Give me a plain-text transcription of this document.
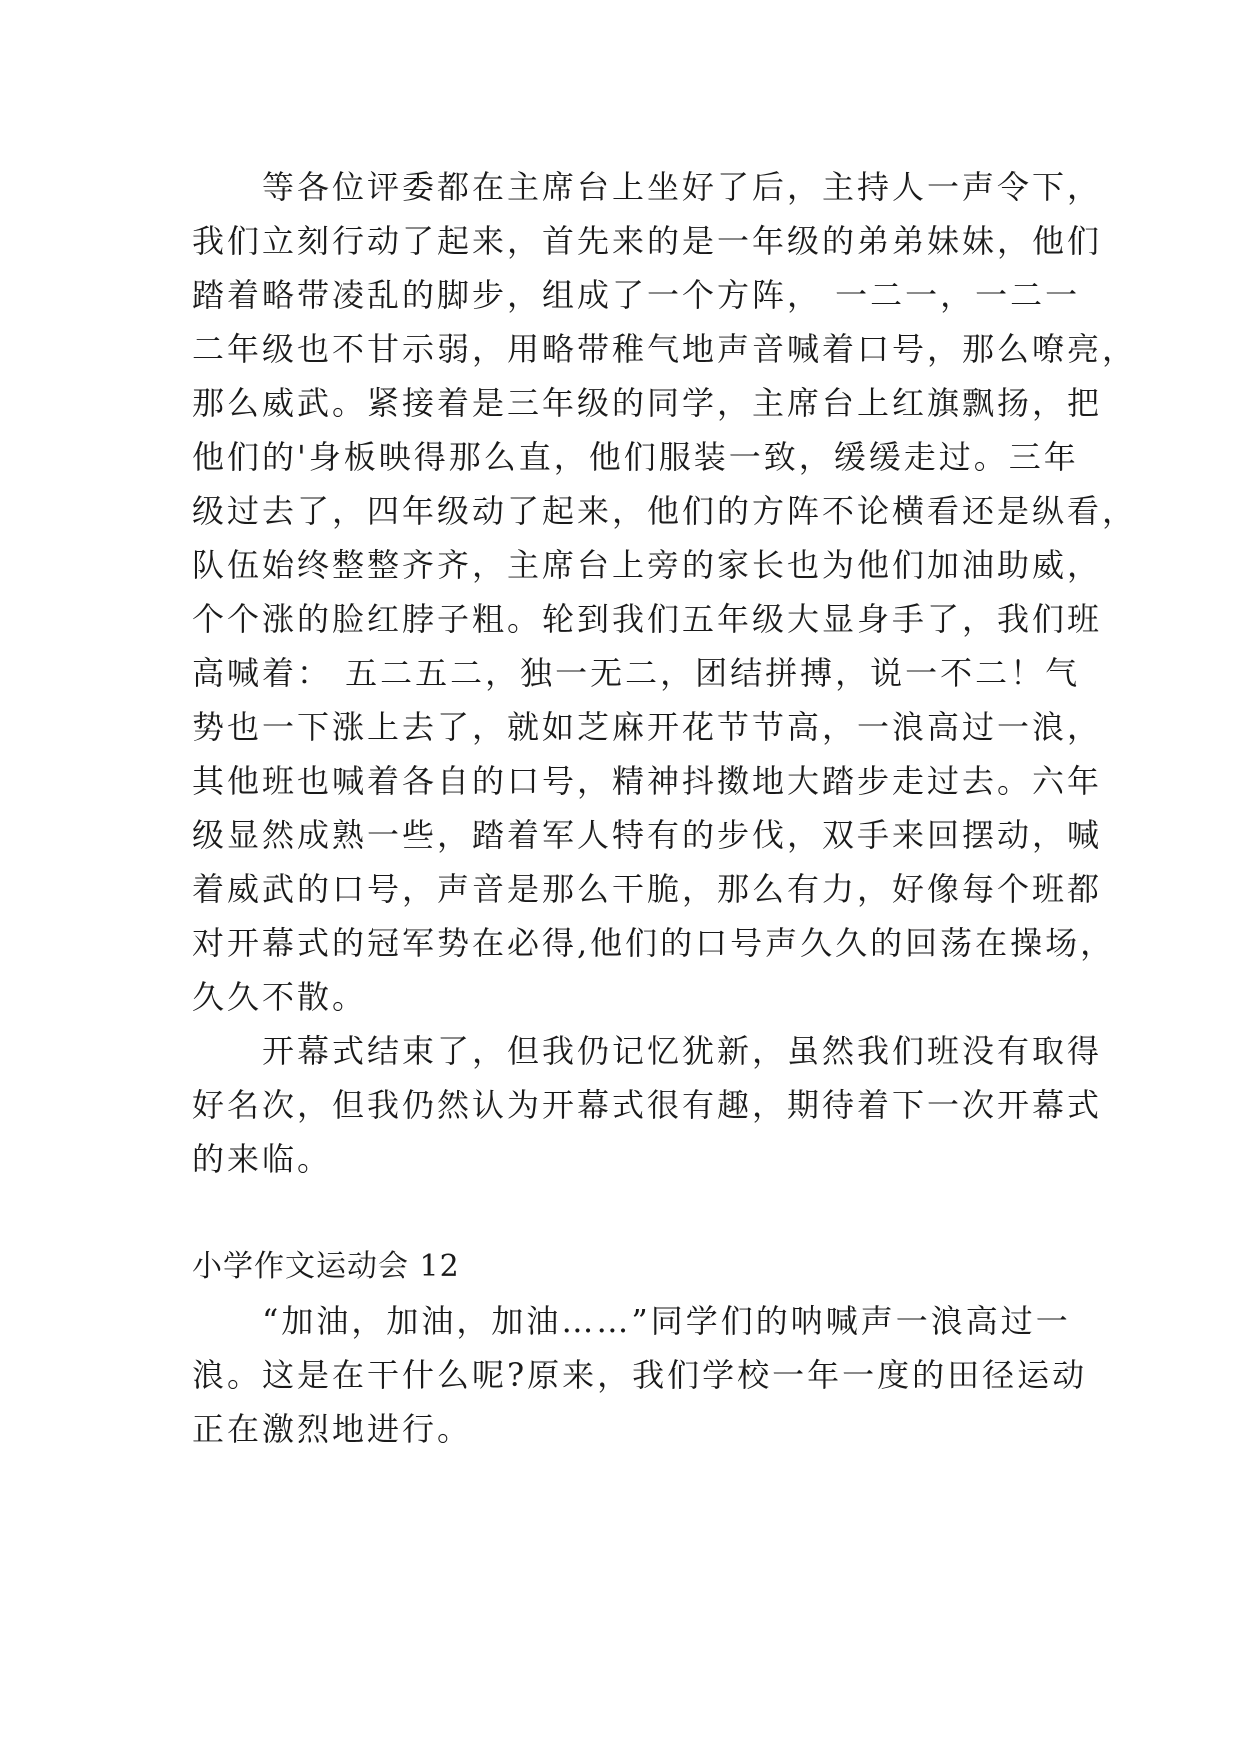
等各位评委都在主席台上坐好了后，主持人一声令下，
我们立刻行动了起来，首先来的是一年级的弟弟妹妹，他们
踏着略带凌乱的脚步，组成了一个方阵， 一二一，一二一
二年级也不甘示弱，用略带稚气地声音喊着口号，那么嘹亮，
那么威武。紧接着是三年级的同学，主席台上红旗飘扬，把
他们的'身板映得那么直，他们服装一致，缓缓走过。三年
级过去了，四年级动了起来，他们的方阵不论横看还是纵看，
队伍始终整整齐齐，主席台上旁的家长也为他们加油助威，
个个涨的脸红脖子粗。轮到我们五年级大显身手了，我们班
高喊着： 五二五二，独一无二，团结拼搏，说一不二！气
势也一下涨上去了，就如芝麻开花节节高，一浪高过一浪，
其他班也喊着各自的口号，精神抖擞地大踏步走过去。六年
级显然成熟一些，踏着军人特有的步伐，双手来回摆动，喊
着威武的口号，声音是那么干脆，那么有力，好像每个班都
对开幕式的冠军势在必得,他们的口号声久久的回荡在操场，
久久不散。
开幕式结束了，但我仍记忆犹新，虽然我们班没有取得
好名次，但我仍然认为开幕式很有趣，期待着下一次开幕式
的来临。
小学作文运动会 12
“加油，加油，加油……”同学们的呐喊声一浪高过一
浪。这是在干什么呢?原来，我们学校一年一度的田径运动
正在激烈地进行。
